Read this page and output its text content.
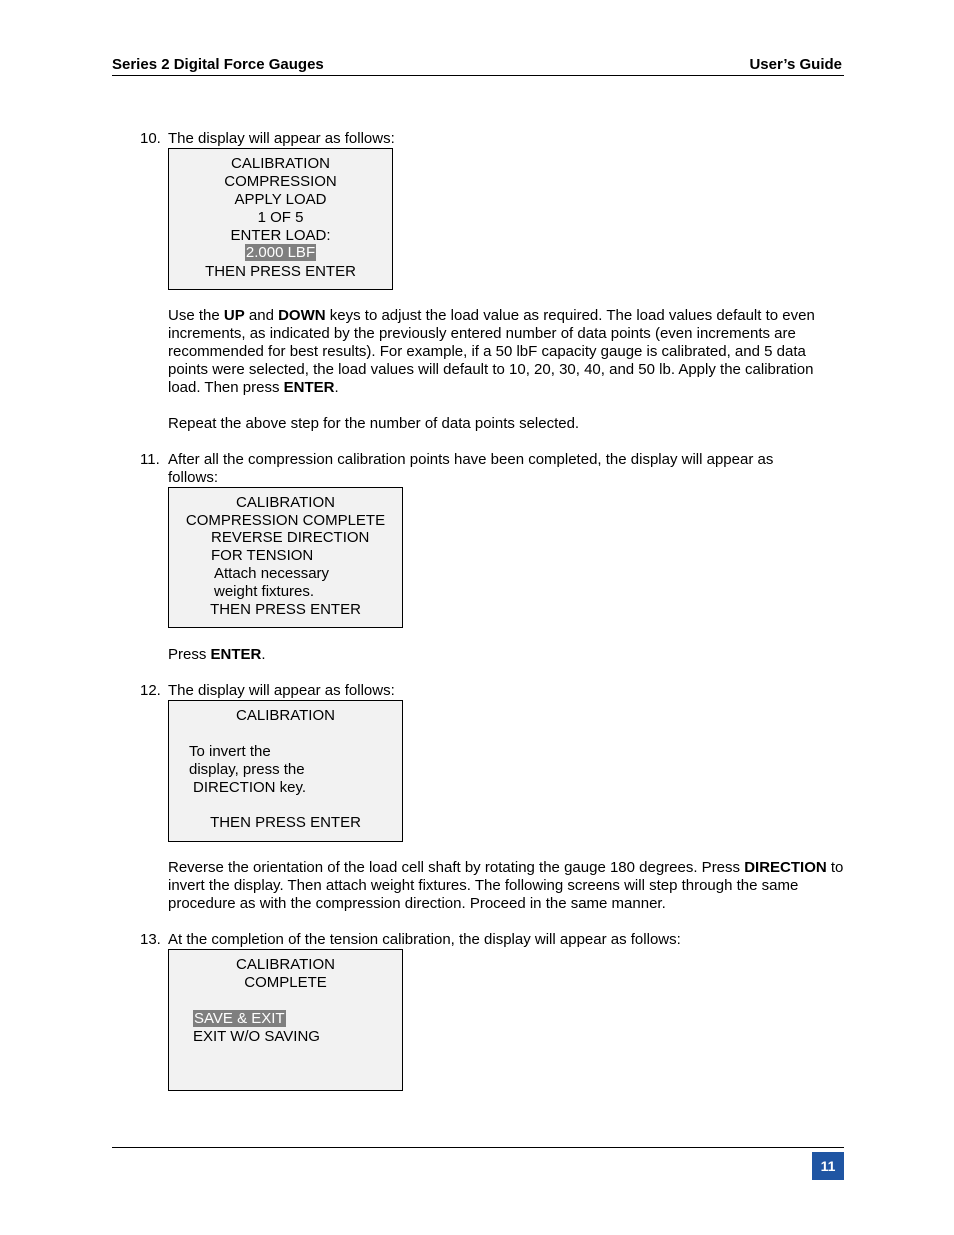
Series 2 Digital Force Gauges	User’s Guide
10. The display will appear as follows:
CALIBRATION
COMPRESSION
APPLY LOAD
1 OF 5
ENTER LOAD:
2.000 LBF
THEN PRESS ENTER
Use the UP and DOWN keys to adjust the load value as required. The load values default to even increments, as indicated by the previously entered number of data points (even increments are recommended for best results). For example, if a 50 lbF capacity gauge is calibrated, and 5 data points were selected, the load values will default to 10, 20, 30, 40, and 50 lb. Apply the calibration load. Then press ENTER.
Repeat the above step for the number of data points selected.
11. After all the compression calibration points have been completed, the display will appear as follows:
CALIBRATION
COMPRESSION COMPLETE
REVERSE DIRECTION
FOR TENSION
Attach necessary
weight fixtures.
THEN PRESS ENTER
Press ENTER.
12. The display will appear as follows:
CALIBRATION
To invert the
display, press the
DIRECTION key.
THEN PRESS ENTER
Reverse the orientation of the load cell shaft by rotating the gauge 180 degrees. Press DIRECTION to invert the display. Then attach weight fixtures. The following screens will step through the same procedure as with the compression direction. Proceed in the same manner.
13. At the completion of the tension calibration, the display will appear as follows:
CALIBRATION
COMPLETE
SAVE & EXIT
EXIT W/O SAVING
11
